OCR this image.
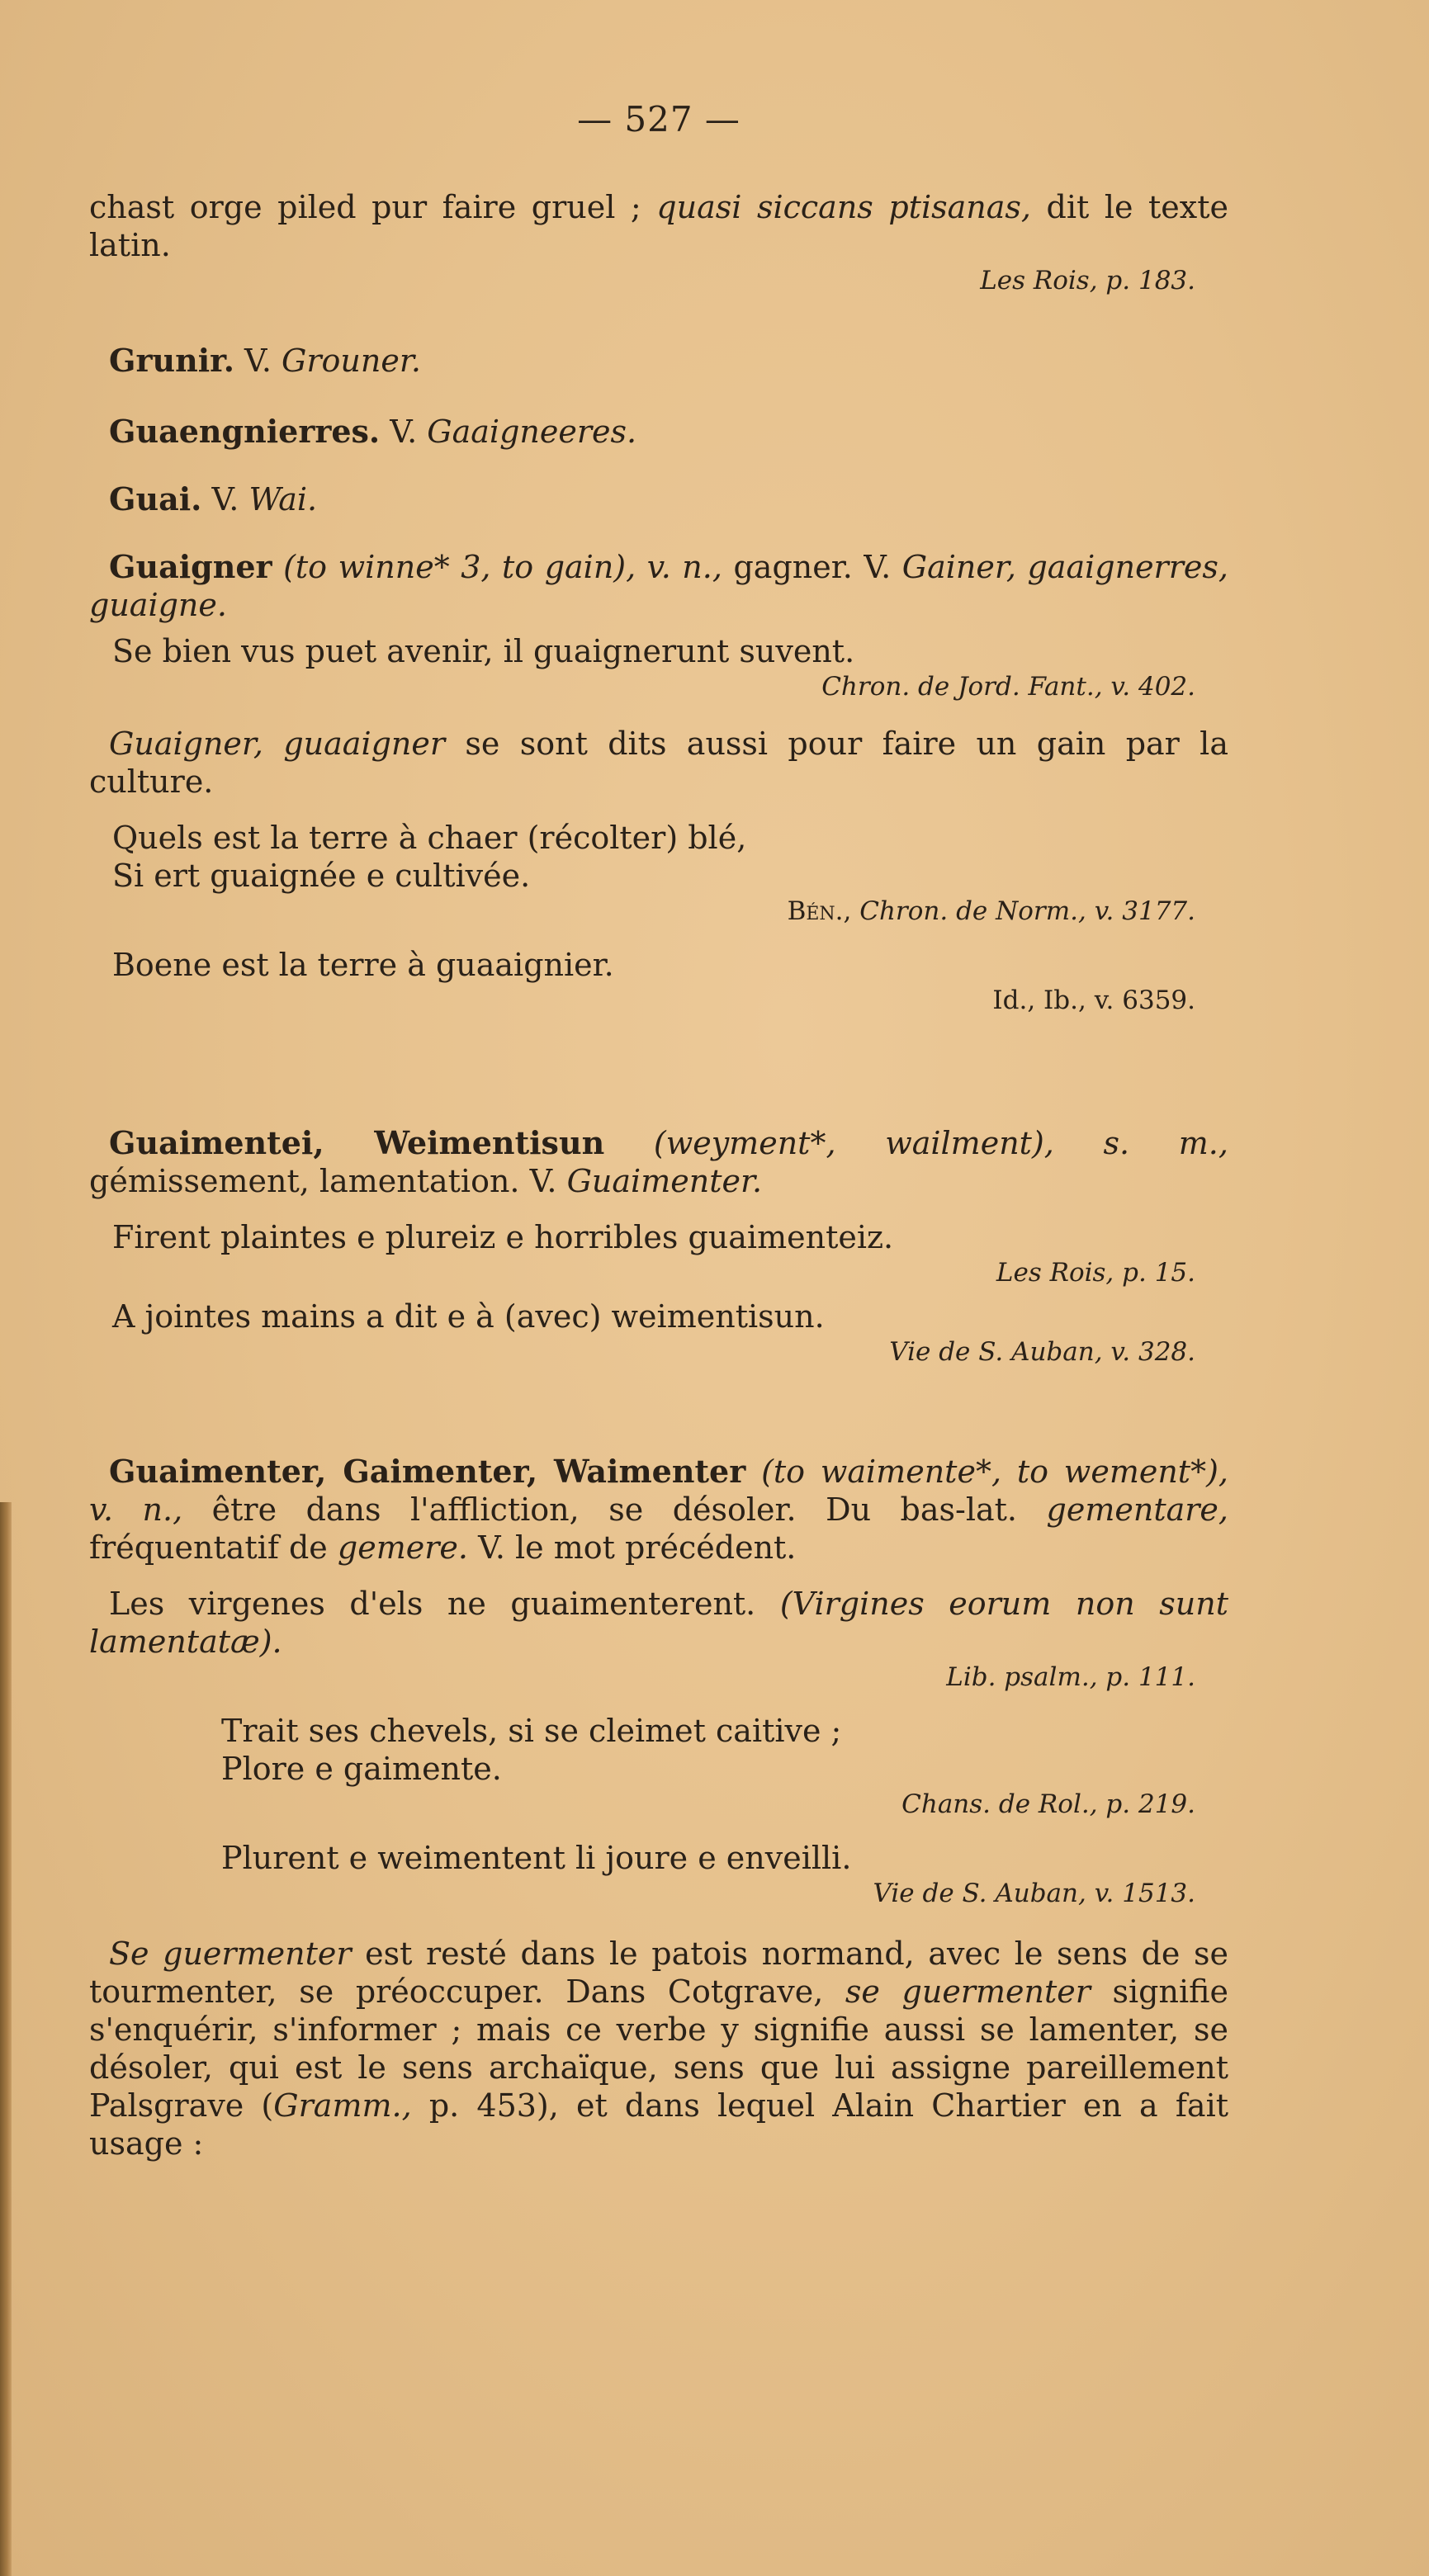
— 527 —

chast orge piled pur faire gruel ; quasi siccans ptisanas, dit le texte latin.

Les Rois, p. 183.

Grunir. V. Grouner.

Guaengnierres. V. Gaaigneeres.

Guai. V. Wai.

Guaigner (to winne* 3, to gain), v. n., gagner. V. Gainer, gaaignerres, guaigne.

Se bien vus puet avenir, il guaignerunt suvent.

Chron. de Jord. Fant., v. 402.

Guaigner, guaaigner se sont dits aussi pour faire un gain par la culture.

Quels est la terre à chaer (récolter) blé,

Si ert guaignée e cultivée.

Bén., Chron. de Norm., v. 3177.

Boene est la terre à guaaignier.

Id., Ib., v. 6359.

Guaimentei, Weimentisun (weyment*, wailment), s. m., gémissement, lamentation. V. Guaimenter.

Firent plaintes e plureiz e horribles guaimenteiz.

Les Rois, p. 15.

A jointes mains a dit e à (avec) weimentisun.

Vie de S. Auban, v. 328.

Guaimenter, Gaimenter, Waimenter (to waimente*, to wement*), v. n., être dans l'affliction, se désoler. Du bas-lat. gementare, fréquentatif de gemere. V. le mot précédent.

Les virgenes d'els ne guaimenterent. (Virgines eorum non sunt lamentatæ).

Lib. psalm., p. 111.

Trait ses chevels, si se cleimet caitive ;

Plore e gaimente.

Chans. de Rol., p. 219.

Plurent e weimentent li joure e enveilli.

Vie de S. Auban, v. 1513.

Se guermenter est resté dans le patois normand, avec le sens de se tourmenter, se préoccuper. Dans Cotgrave, se guermenter signifie s'enquérir, s'informer ; mais ce verbe y signifie aussi se lamenter, se désoler, qui est le sens archaïque, sens que lui assigne pareillement Palsgrave (Gramm., p. 453), et dans lequel Alain Chartier en a fait usage :
